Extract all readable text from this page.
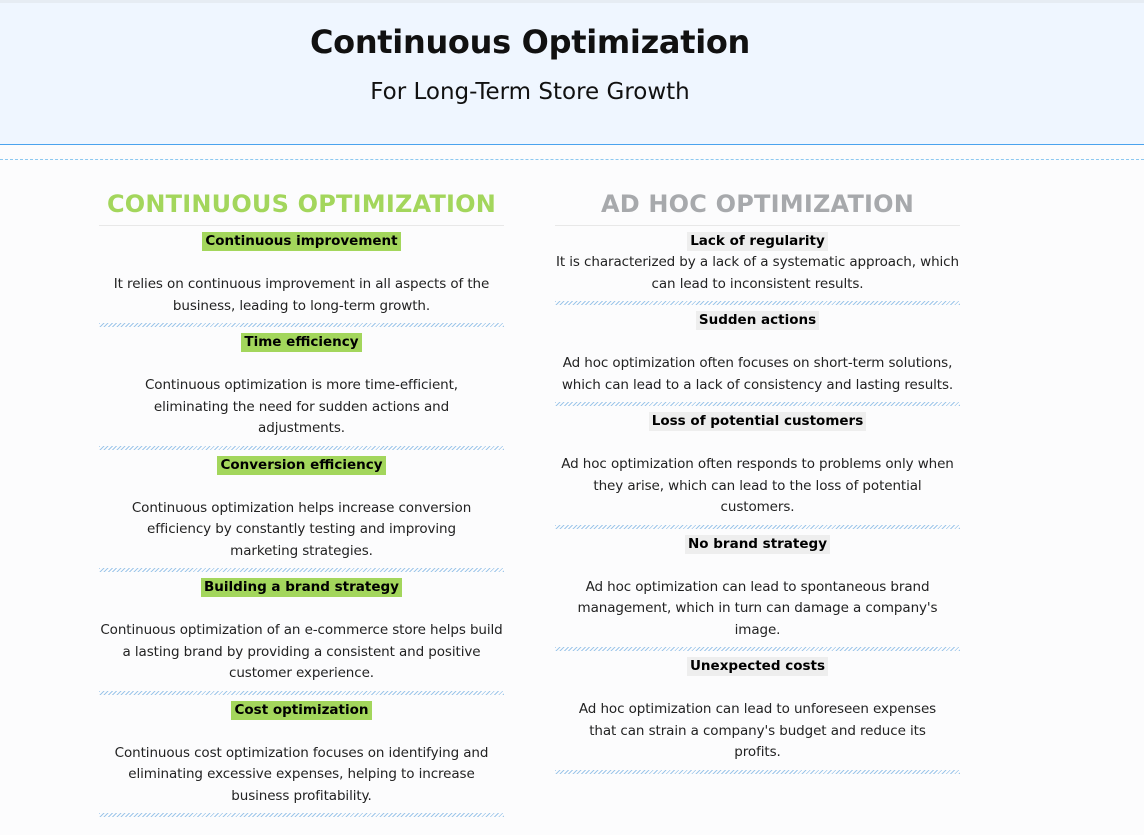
Continuous Optimization
For Long-Term Store Growth
CONTINUOUS OPTIMIZATION
Continuous improvement
It relies on continuous improvement in all aspects of the business, leading to long-term growth.
Time efficiency
Continuous optimization is more time-efficient, eliminating the need for sudden actions and adjustments.
Conversion efficiency
Continuous optimization helps increase conversion efficiency by constantly testing and improving marketing strategies.
Building a brand strategy
Continuous optimization of an e-commerce store helps build a lasting brand by providing a consistent and positive customer experience.
Cost optimization
Continuous cost optimization focuses on identifying and eliminating excessive expenses, helping to increase business profitability.
AD HOC OPTIMIZATION
Lack of regularity
It is characterized by a lack of a systematic approach, which can lead to inconsistent results.
Sudden actions
Ad hoc optimization often focuses on short-term solutions, which can lead to a lack of consistency and lasting results.
Loss of potential customers
Ad hoc optimization often responds to problems only when they arise, which can lead to the loss of potential customers.
No brand strategy
Ad hoc optimization can lead to spontaneous brand management, which in turn can damage a company's image.
Unexpected costs
Ad hoc optimization can lead to unforeseen expenses that can strain a company's budget and reduce its profits.
